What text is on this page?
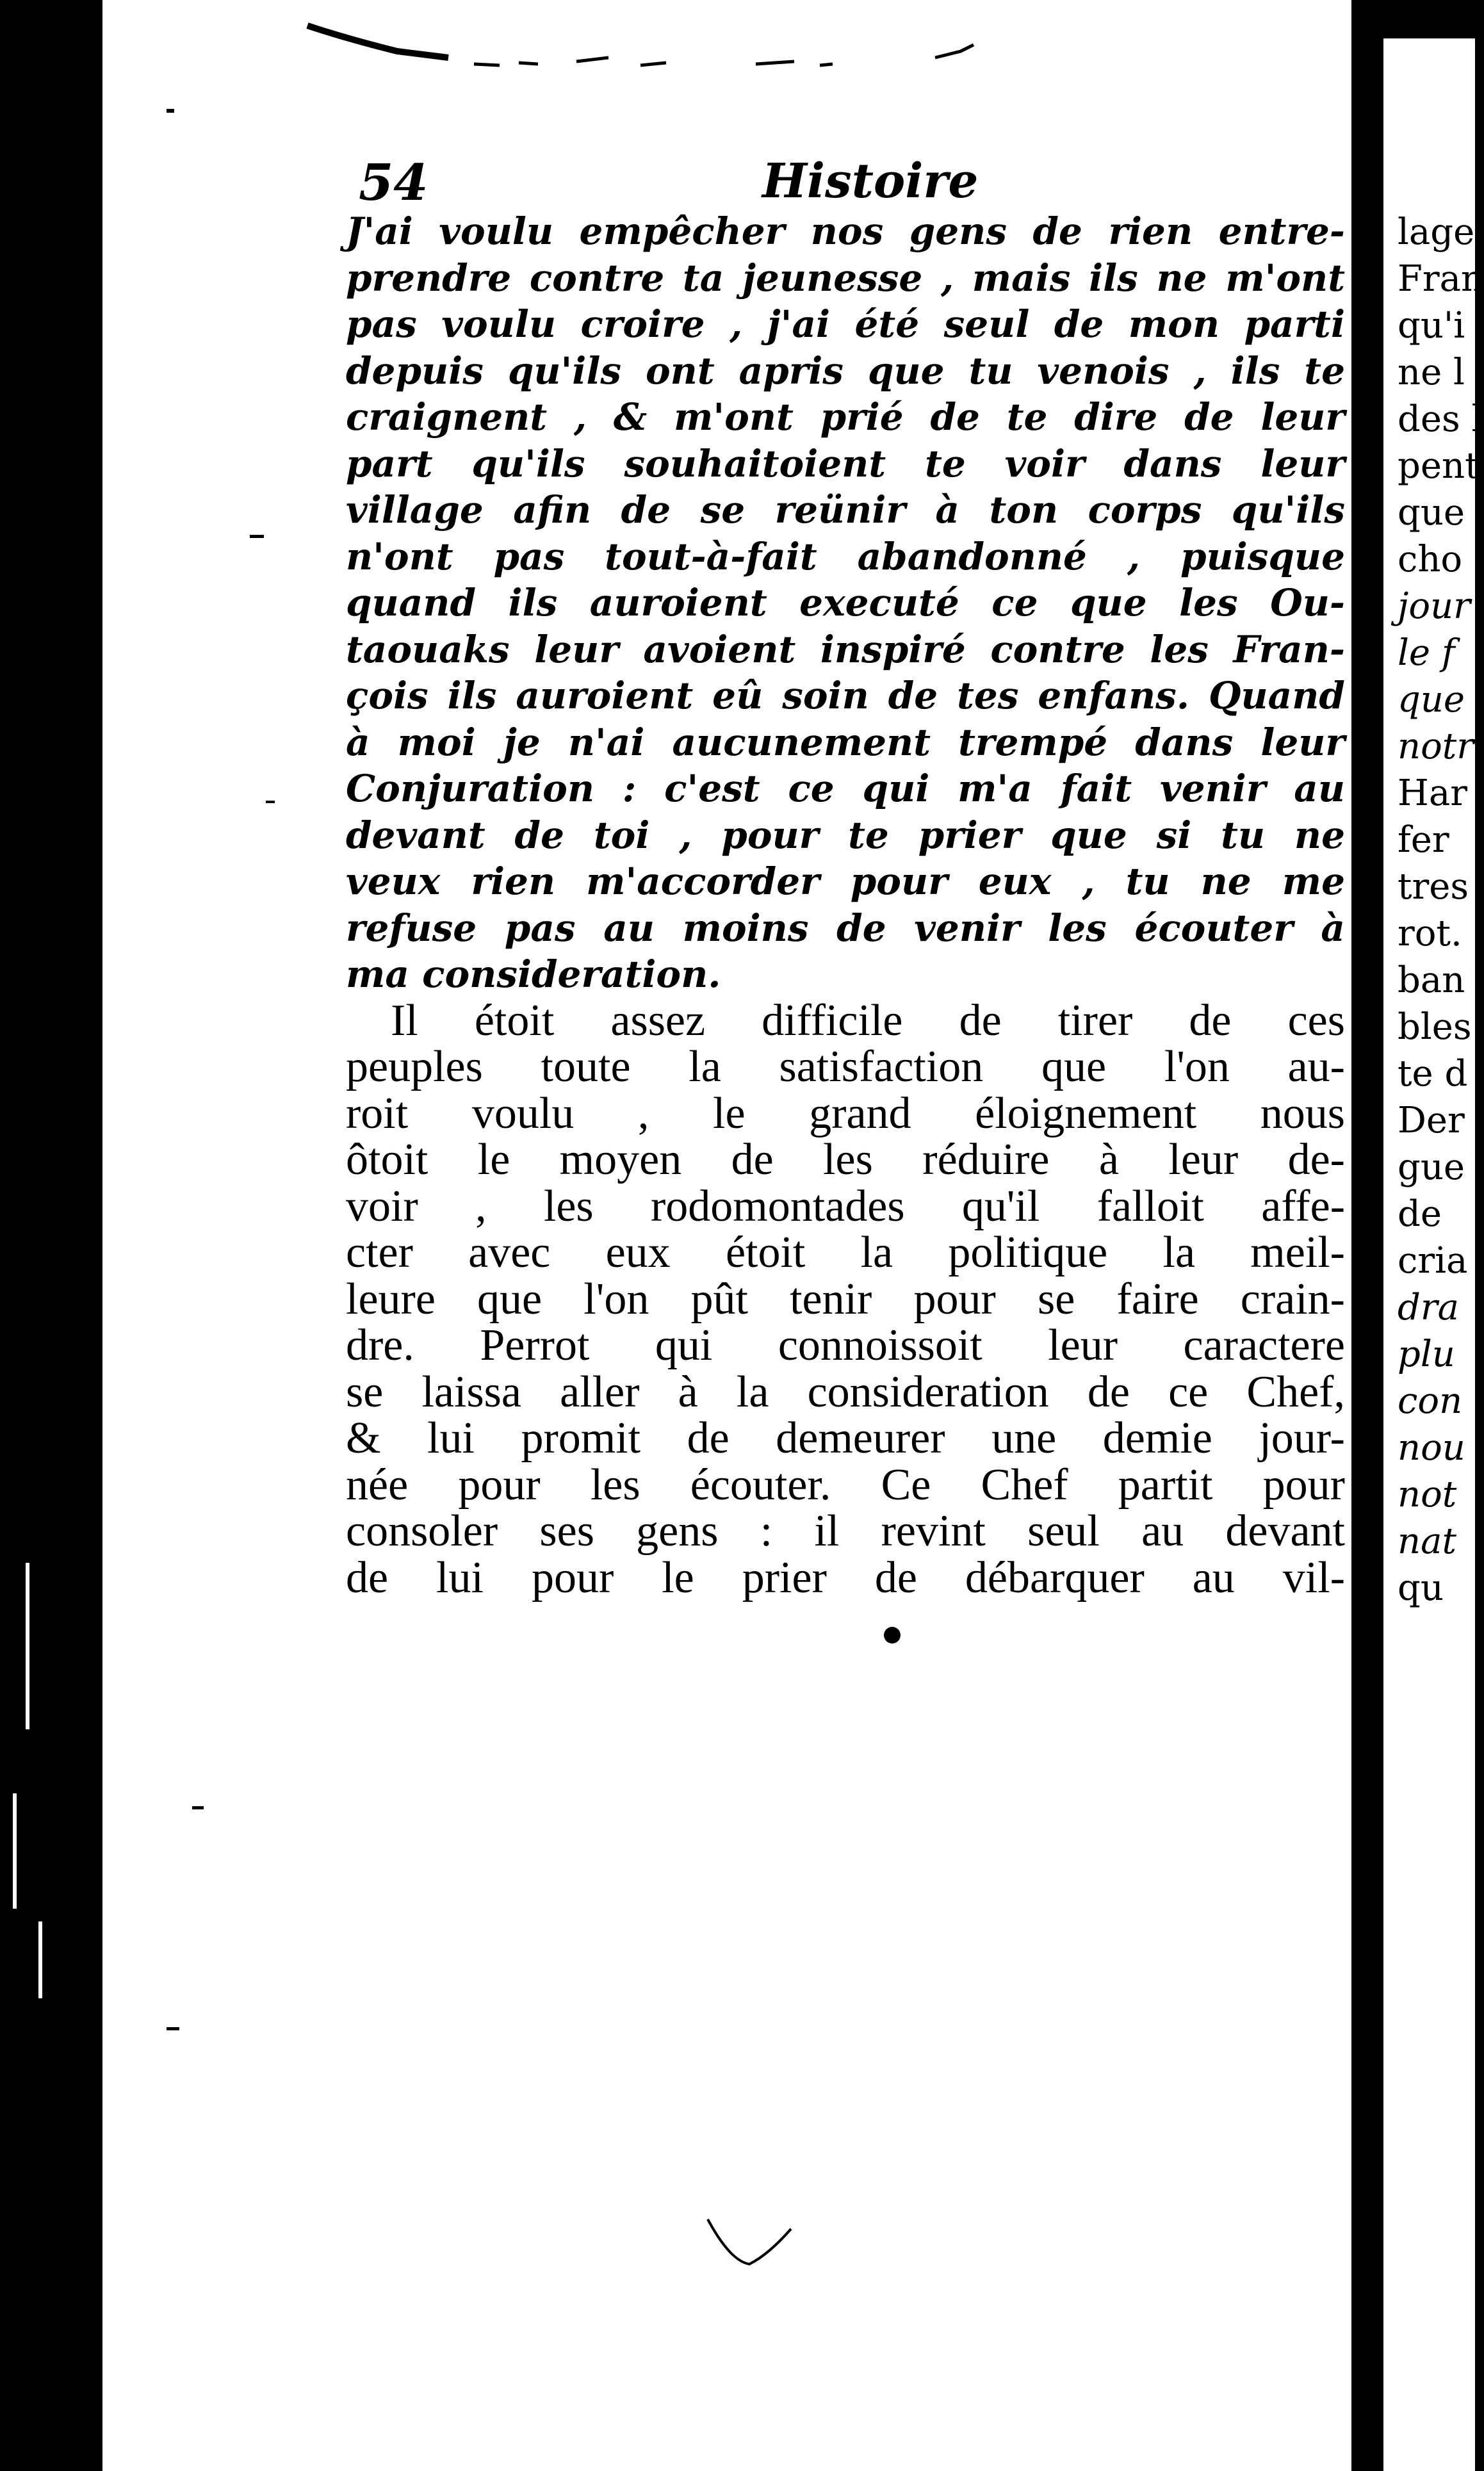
54	Histoire
J'ai voulu empêcher nos gens de rien entre-
prendre contre ta jeunesse , mais ils ne m'ont
pas voulu croire , j'ai été seul de mon parti
depuis qu'ils ont apris que tu venois , ils te
craignent , & m'ont prié de te dire de leur
part qu'ils souhaitoient te voir dans leur
village afin de se reünir à ton corps qu'ils
n'ont pas tout-à-fait abandonné , puisque
quand ils auroient executé ce que les Ou-
taouaks leur avoient inspiré contre les Fran-
çois ils auroient eû soin de tes enfans. Quand
à moi je n'ai aucunement trempé dans leur
Conjuration : c'est ce qui m'a fait venir au
devant de toi , pour te prier que si tu ne
veux rien m'accorder pour eux , tu ne me
refuse pas au moins de venir les écouter à
ma consideration.
Il étoit assez difficile de tirer de ces
peuples toute la satisfaction que l'on au-
roit voulu , le grand éloignement nous
ôtoit le moyen de les réduire à leur de-
voir , les rodomontades qu'il falloit affe-
cter avec eux étoit la politique la meil-
leure que l'on pût tenir pour se faire crain-
dre. Perrot qui connoissoit leur caractere
se laissa aller à la consideration de ce Chef,
& lui promit de demeurer une demie jour-
née pour les écouter. Ce Chef partit pour
consoler ses gens : il revint seul au devant
de lui pour le prier de débarquer au vil-
lage
Fran
qu'i
ne l
des l
pent
que
cho
jour
le f
que
notr
Har
fer
tres
rot.
ban
bles
te d
Der
gue
de
cria
dra
plu
con
nou
not
nat
qu
